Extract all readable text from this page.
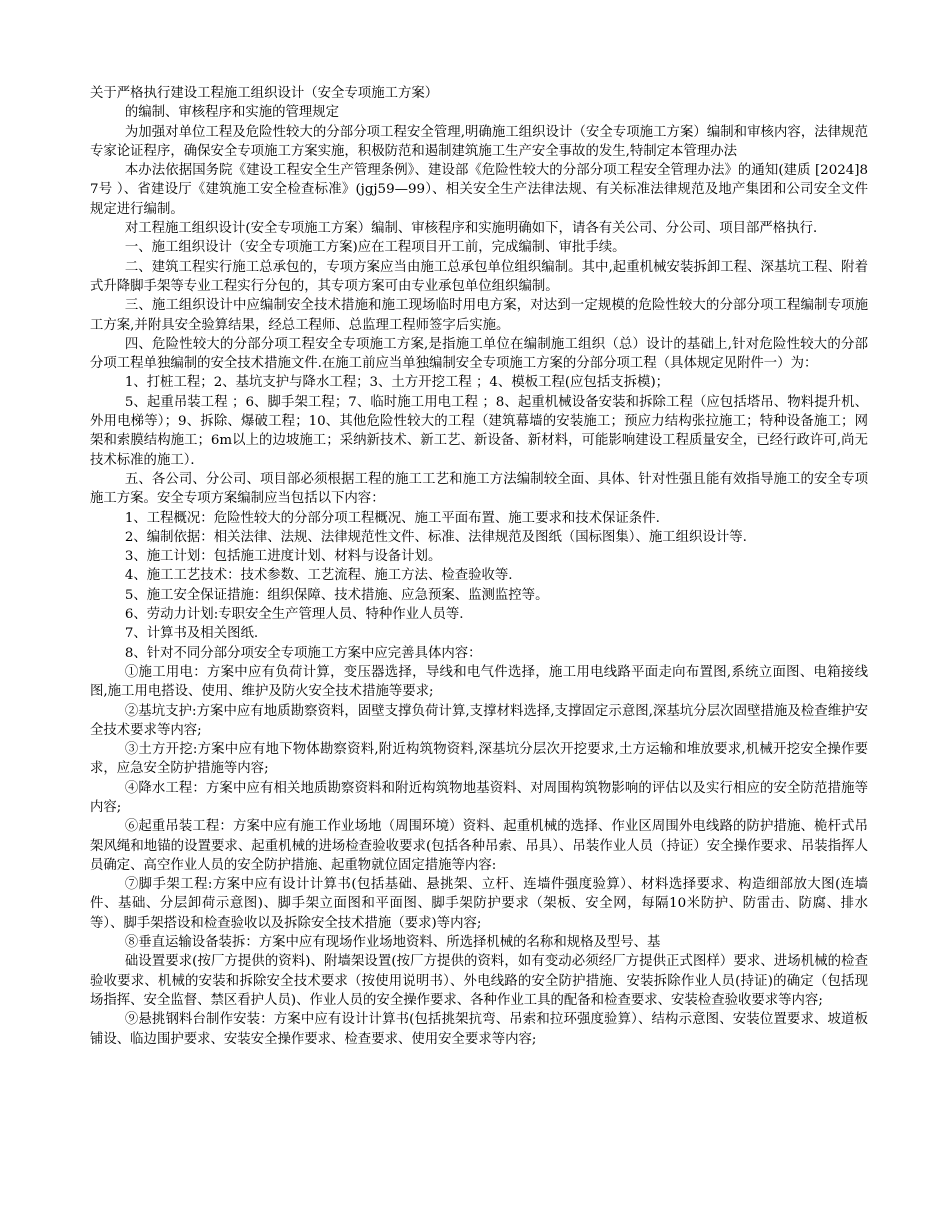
关于严格执行建设工程施工组织设计（安全专项施工方案）

的编制、审核程序和实施的管理规定

为加强对单位工程及危险性较大的分部分项工程安全管理,明确施工组织设计（安全专项施工方案）编制和审核内容，法律规范专家论证程序，确保安全专项施工方案实施，积极防范和遏制建筑施工生产安全事故的发生,特制定本管理办法

本办法依据国务院《建设工程安全生产管理条例》、建设部《危险性较大的分部分项工程安全管理办法》的通知(建质 [2024]87号 ）、省建设厅《建筑施工安全检查标准》(jgj59—99）、相关安全生产法律法规、有关标准法律规范及地产集团和公司安全文件规定进行编制。

对工程施工组织设计(安全专项施工方案）编制、审核程序和实施明确如下，请各有关公司、分公司、项目部严格执行．

一、施工组织设计（安全专项施工方案)应在工程项目开工前，完成编制、审批手续。

二、建筑工程实行施工总承包的，专项方案应当由施工总承包单位组织编制。其中,起重机械安装拆卸工程、深基坑工程、附着式升降脚手架等专业工程实行分包的，其专项方案可由专业承包单位组织编制。

三、施工组织设计中应编制安全技术措施和施工现场临时用电方案，对达到一定规模的危险性较大的分部分项工程编制专项施工方案,并附具安全验算结果，经总工程师、总监理工程师签字后实施。

四、危险性较大的分部分项工程安全专项施工方案,是指施工单位在编制施工组织（总）设计的基础上,针对危险性较大的分部分项工程单独编制的安全技术措施文件.在施工前应当单独编制安全专项施工方案的分部分项工程（具体规定见附件一）为：

1、打桩工程；2、基坑支护与降水工程；3、土方开挖工程 ；4、模板工程(应包括支拆模)；

5、起重吊装工程 ；6、脚手架工程；7、临时施工用电工程 ；8、起重机械设备安装和拆除工程（应包括塔吊、物料提升机、外用电梯等）；9、拆除、爆破工程；10、其他危险性较大的工程（建筑幕墙的安装施工；预应力结构张拉施工；特种设备施工；网架和索膜结构施工；6m以上的边坡施工；采纳新技术、新工艺、新设备、新材料，可能影响建设工程质量安全，已经行政许可,尚无技术标准的施工）．

五、各公司、分公司、项目部必须根据工程的施工工艺和施工方法编制较全面、具体、针对性强且能有效指导施工的安全专项施工方案。安全专项方案编制应当包括以下内容：

1、工程概况：危险性较大的分部分项工程概况、施工平面布置、施工要求和技术保证条件.

2、编制依据：相关法律、法规、法律规范性文件、标准、法律规范及图纸（国标图集）、施工组织设计等.

3、施工计划：包括施工进度计划、材料与设备计划。

4、施工工艺技术：技术参数、工艺流程、施工方法、检查验收等.

5、施工安全保证措施：组织保障、技术措施、应急预案、监测监控等。

6、劳动力计划:专职安全生产管理人员、特种作业人员等.

7、计算书及相关图纸.

8、针对不同分部分项安全专项施工方案中应完善具体内容：

①施工用电：方案中应有负荷计算，变压器选择，导线和电气件选择，施工用电线路平面走向布置图,系统立面图、电箱接线图,施工用电搭设、使用、维护及防火安全技术措施等要求;

②基坑支护:方案中应有地质勘察资料，固壁支撑负荷计算,支撑材料选择,支撑固定示意图,深基坑分层次固壁措施及检查维护安全技术要求等内容;

③土方开挖:方案中应有地下物体勘察资料,附近构筑物资料,深基坑分层次开挖要求,土方运输和堆放要求,机械开挖安全操作要求，应急安全防护措施等内容;

④降水工程：方案中应有相关地质勘察资料和附近构筑物地基资料、对周围构筑物影响的评估以及实行相应的安全防范措施等内容;

⑥起重吊装工程：方案中应有施工作业场地（周围环境）资料、起重机械的选择、作业区周围外电线路的防护措施、桅杆式吊架风绳和地锚的设置要求、起重机械的进场检查验收要求(包括各种吊索、吊具）、吊装作业人员（持证）安全操作要求、吊装指挥人员确定、高空作业人员的安全防护措施、起重物就位固定措施等内容:

⑦脚手架工程:方案中应有设计计算书(包括基础、悬挑架、立杆、连墙件强度验算）、材料选择要求、构造细部放大图(连墙件、基础、分层卸荷示意图)、脚手架立面图和平面图、脚手架防护要求（架板、安全网，每隔10米防护、防雷击、防腐、排水等）、脚手架搭设和检查验收以及拆除安全技术措施（要求)等内容;

⑧垂直运输设备装拆：方案中应有现场作业场地资料、所选择机械的名称和规格及型号、基

础设置要求(按厂方提供的资料)、附墙架设置(按厂方提供的资料，如有变动必须经厂方提供正式图样）要求、进场机械的检查验收要求、机械的安装和拆除安全技术要求（按使用说明书）、外电线路的安全防护措施、安装拆除作业人员(持证)的确定（包括现场指挥、安全监督、禁区看护人员)、作业人员的安全操作要求、各种作业工具的配备和检查要求、安装检查验收要求等内容;

⑨悬挑钢料台制作安装：方案中应有设计计算书(包括挑架抗弯、吊索和拉环强度验算）、结构示意图、安装位置要求、坡道板铺设、临边围护要求、安装安全操作要求、检查要求、使用安全要求等内容;
